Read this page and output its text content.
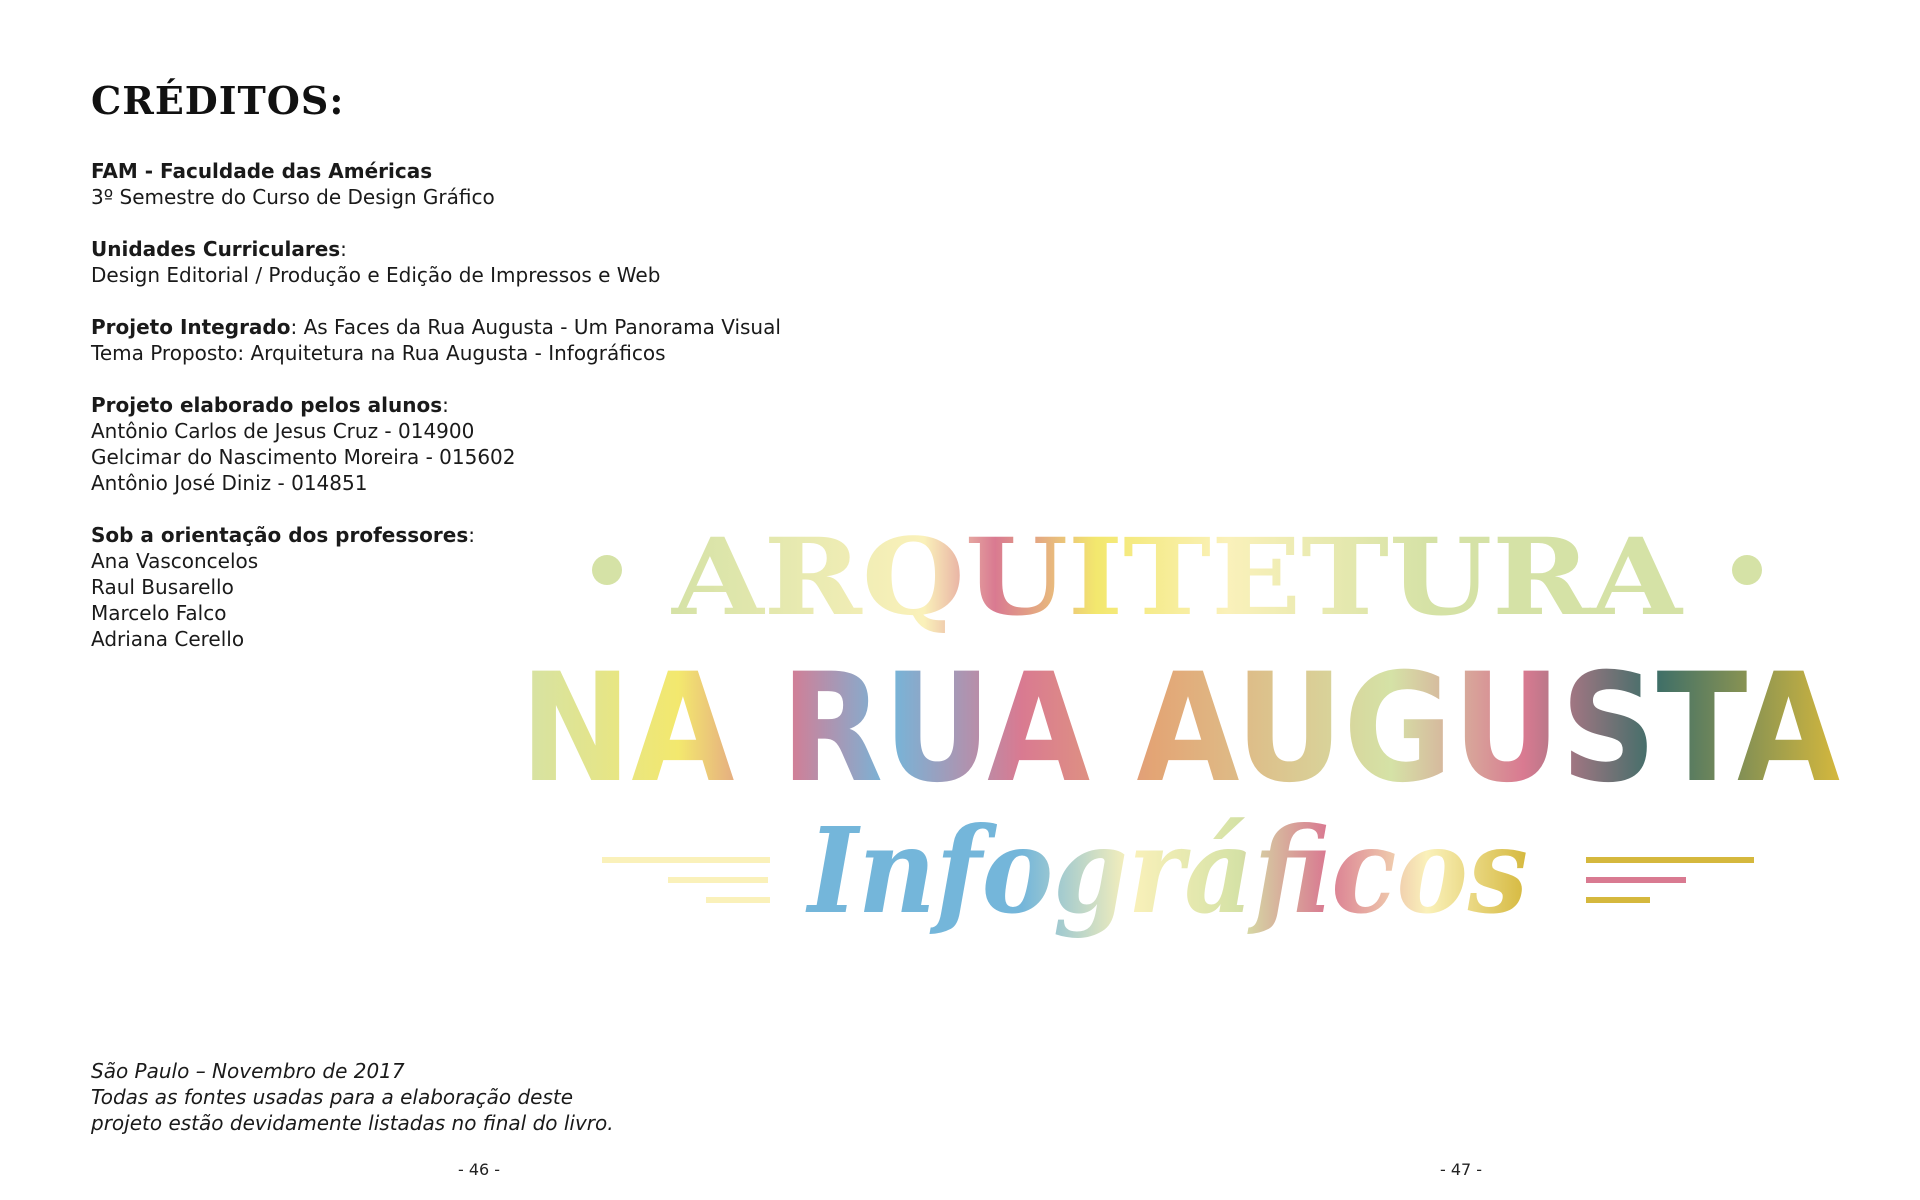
CRÉDITOS:
FAM - Faculdade das Américas
3º Semestre do Curso de Design Gráfico
Unidades Curriculares:
Design Editorial / Produção e Edição de Impressos e Web
Projeto Integrado: As Faces da Rua Augusta - Um Panorama Visual
Tema Proposto: Arquitetura na Rua Augusta - Infográficos
Projeto elaborado pelos alunos:
Antônio Carlos de Jesus Cruz - 014900
Gelcimar do Nascimento Moreira - 015602
Antônio José Diniz - 014851
Sob a orientação dos professores:
Ana Vasconcelos
Raul Busarello
Marcelo Falco
Adriana Cerello
São Paulo – Novembro de 2017
Todas as fontes usadas para a elaboração deste
projeto estão devidamente listadas no final do livro.
- 46 -	- 47 -
ARQUITETURA
NA RUA AUGUSTA
Infográficos
